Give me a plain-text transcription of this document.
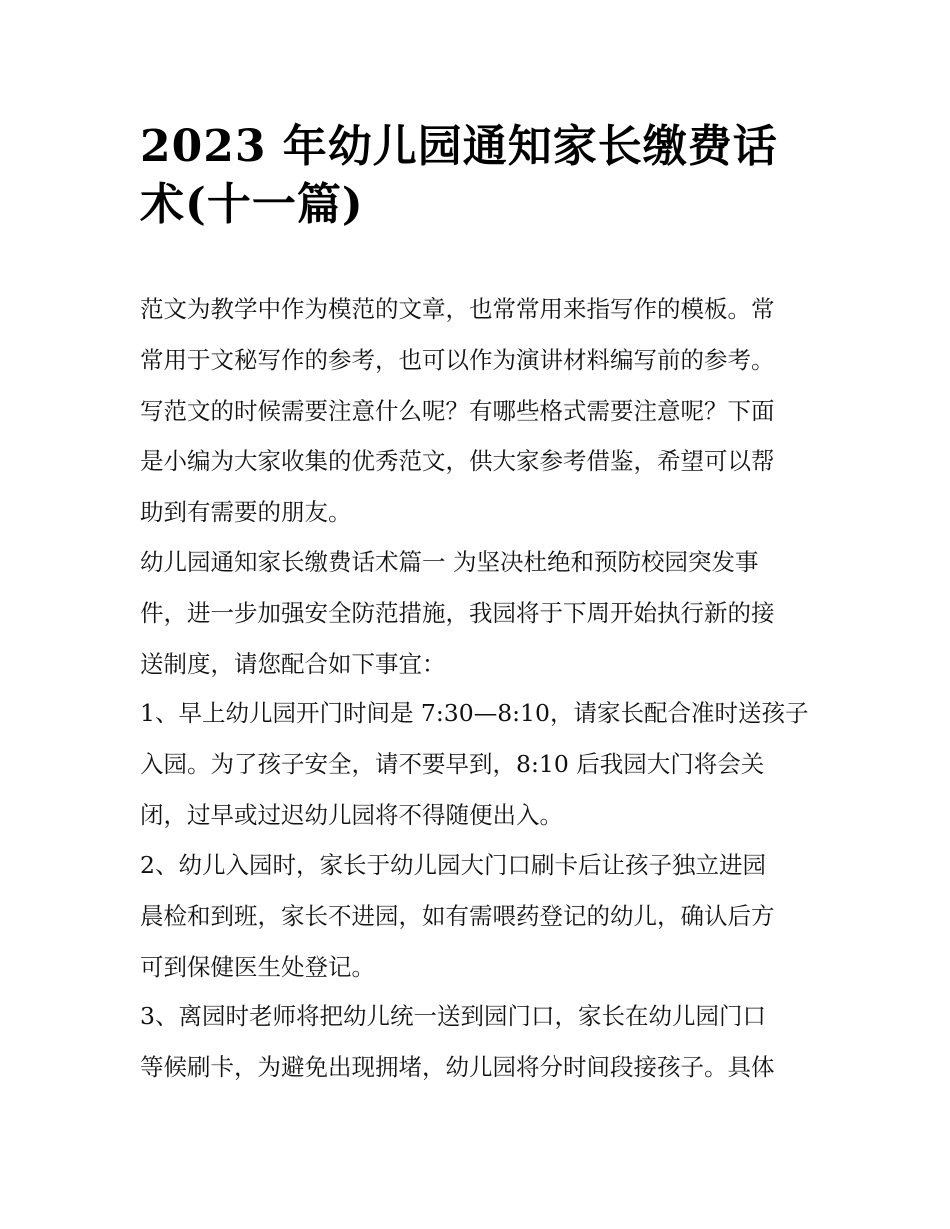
2023 年幼儿园通知家长缴费话
术(十一篇)

范文为教学中作为模范的文章，也常常用来指写作的模板。常
常用于文秘写作的参考，也可以作为演讲材料编写前的参考。
写范文的时候需要注意什么呢？有哪些格式需要注意呢？下面
是小编为大家收集的优秀范文，供大家参考借鉴，希望可以帮
助到有需要的朋友。

幼儿园通知家长缴费话术篇一 为坚决杜绝和预防校园突发事
件，进一步加强安全防范措施，我园将于下周开始执行新的接
送制度，请您配合如下事宜：

1、早上幼儿园开门时间是 7:30—8:10，请家长配合准时送孩子
入园。为了孩子安全，请不要早到，8:10 后我园大门将会关
闭，过早或过迟幼儿园将不得随便出入。

2、幼儿入园时，家长于幼儿园大门口刷卡后让孩子独立进园
晨检和到班，家长不进园，如有需喂药登记的幼儿，确认后方
可到保健医生处登记。

3、离园时老师将把幼儿统一送到园门口，家长在幼儿园门口
等候刷卡，为避免出现拥堵，幼儿园将分时间段接孩子。具体
